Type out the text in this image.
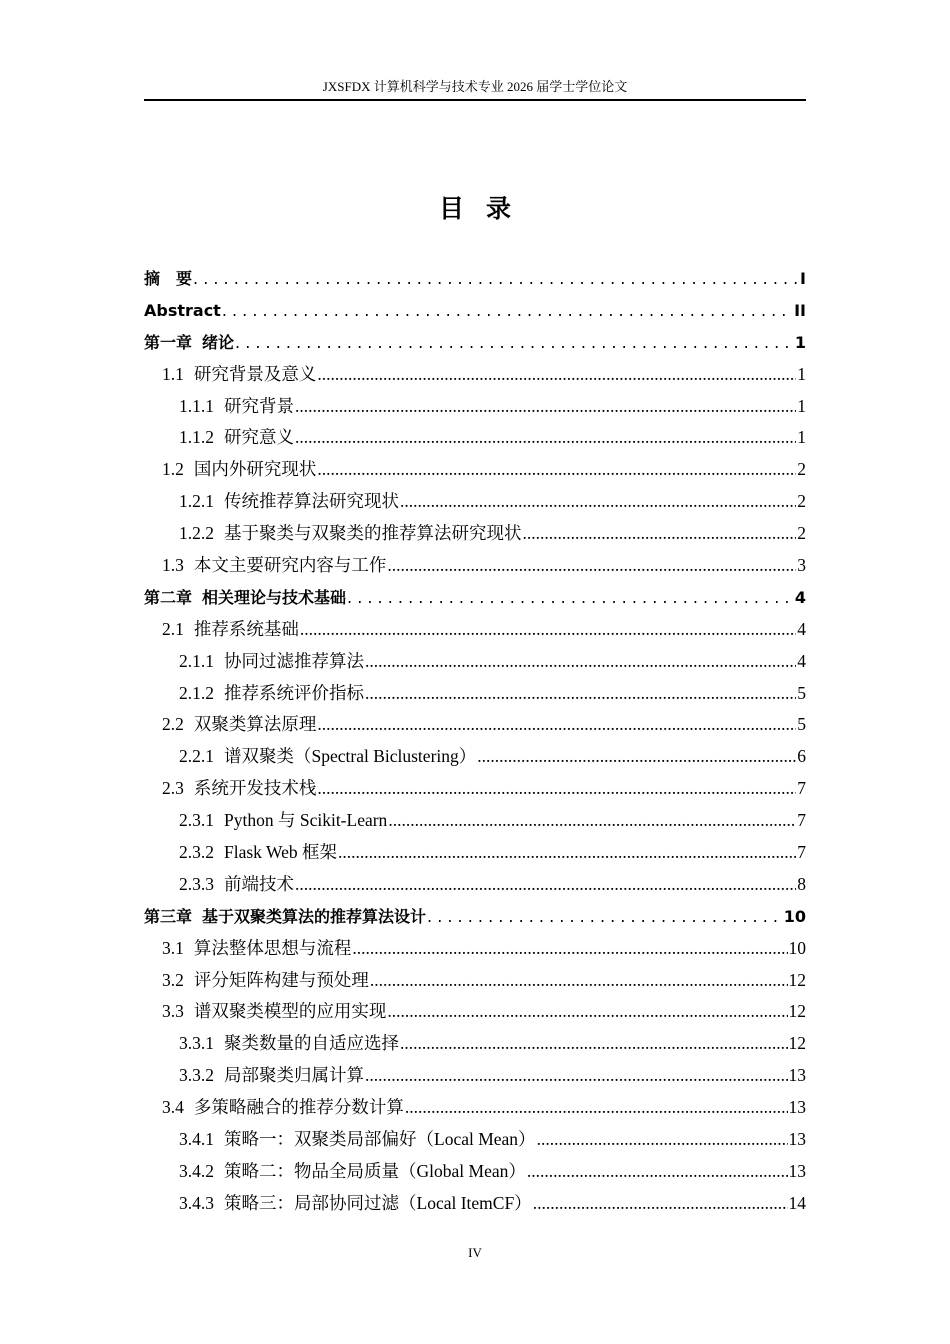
JXSFDX 计算机科学与技术专业 2026 届学士学位论文
目录
摘　要 . . .	I
Abstract . . .	II
第一章 绪论 . . .	1
1.1 研究背景及意义 .....	1
1.1.1 研究背景 .....	1
1.1.2 研究意义 .....	1
1.2 国内外研究现状 .....	2
1.2.1 传统推荐算法研究现状 .....	2
1.2.2 基于聚类与双聚类的推荐算法研究现状 .....	2
1.3 本文主要研究内容与工作 .....	3
第二章 相关理论与技术基础 . . .	4
2.1 推荐系统基础 .....	4
2.1.1 协同过滤推荐算法 .....	4
2.1.2 推荐系统评价指标 .....	5
2.2 双聚类算法原理 .....	5
2.2.1 谱双聚类（Spectral Biclustering） .....	6
2.3 系统开发技术栈 .....	7
2.3.1 Python 与 Scikit-Learn .....	7
2.3.2 Flask Web 框架 .....	7
2.3.3 前端技术 .....	8
第三章 基于双聚类算法的推荐算法设计 . . .	10
3.1 算法整体思想与流程 .....	10
3.2 评分矩阵构建与预处理 .....	12
3.3 谱双聚类模型的应用实现 .....	12
3.3.1 聚类数量的自适应选择 .....	12
3.3.2 局部聚类归属计算 .....	13
3.4 多策略融合的推荐分数计算 .....	13
3.4.1 策略一：双聚类局部偏好（Local Mean） .....	13
3.4.2 策略二：物品全局质量（Global Mean） .....	13
3.4.3 策略三：局部协同过滤（Local ItemCF） .....	14
IV
